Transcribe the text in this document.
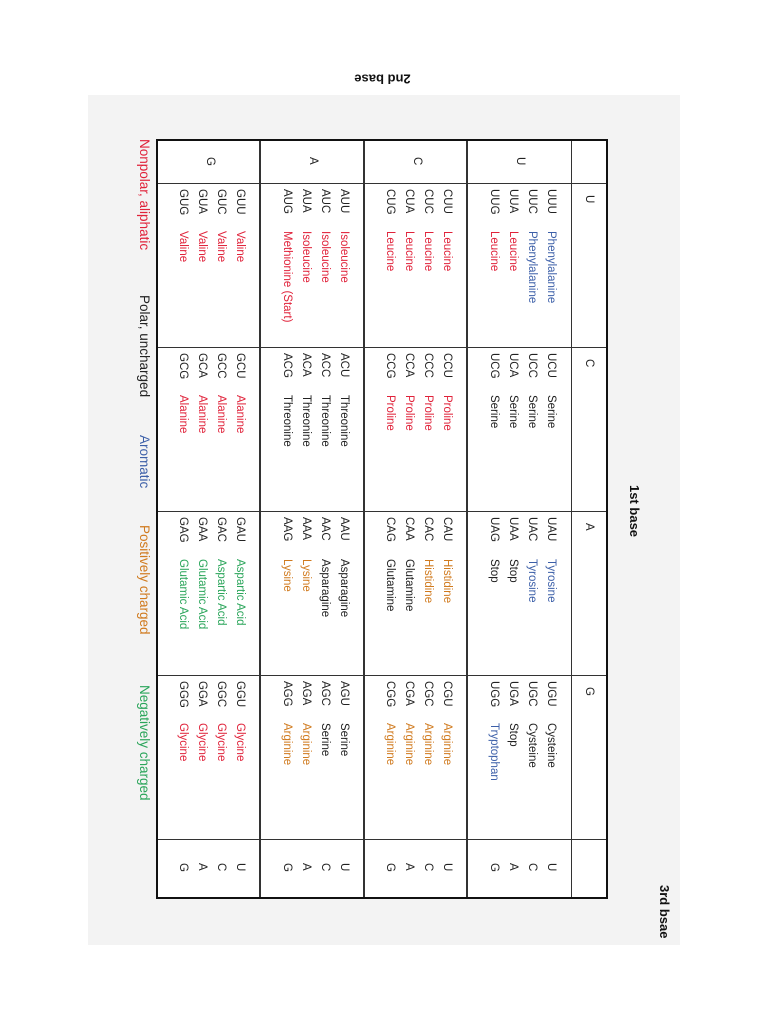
1st base
2nd base
3rd bsae
U
C
A
G
U
UUU
Phenylalanine
UUC
Phenylalanine
UUA
Leucine
UUG
Leucine
UCU
Serine
UCC
Serine
UCA
Serine
UCG
Serine
UAU
Tyrosine
UAC
Tyrosine
UAA
Stop
UAG
Stop
UGU
Cysteine
UGC
Cysteine
UGA
Stop
UGG
Tryptophan
U
C
A
G
C
CUU
Leucine
CUC
Leucine
CUA
Leucine
CUG
Leucine
CCU
Proline
CCC
Proline
CCA
Proline
CCG
Proline
CAU
Histidine
CAC
Histidine
CAA
Glutamine
CAG
Glutamine
CGU
Arginine
CGC
Arginine
CGA
Arginine
CGG
Arginine
U
C
A
G
A
AUU
Isoleucine
AUC
Isoleucine
AUA
Isoleucine
AUG
Methionine (Start)
ACU
Threonine
ACC
Threonine
ACA
Threonine
ACG
Threonine
AAU
Asparagine
AAC
Asparagine
AAA
Lysine
AAG
Lysine
AGU
Serine
AGC
Serine
AGA
Arginine
AGG
Arginine
U
C
A
G
G
GUU
Valine
GUC
Valine
GUA
Valine
GUG
Valine
GCU
Alanine
GCC
Alanine
GCA
Alanine
GCG
Alanine
GAU
Aspartic Acid
GAC
Aspartic Acid
GAA
Glutamic Acid
GAG
Glutamic Acid
GGU
Glycine
GGC
Glycine
GGA
Glycine
GGG
Glycine
U
C
A
G
Nonpolar, aliphatic
Polar, uncharged
Aromatic
Positively charged
Negatively charged
